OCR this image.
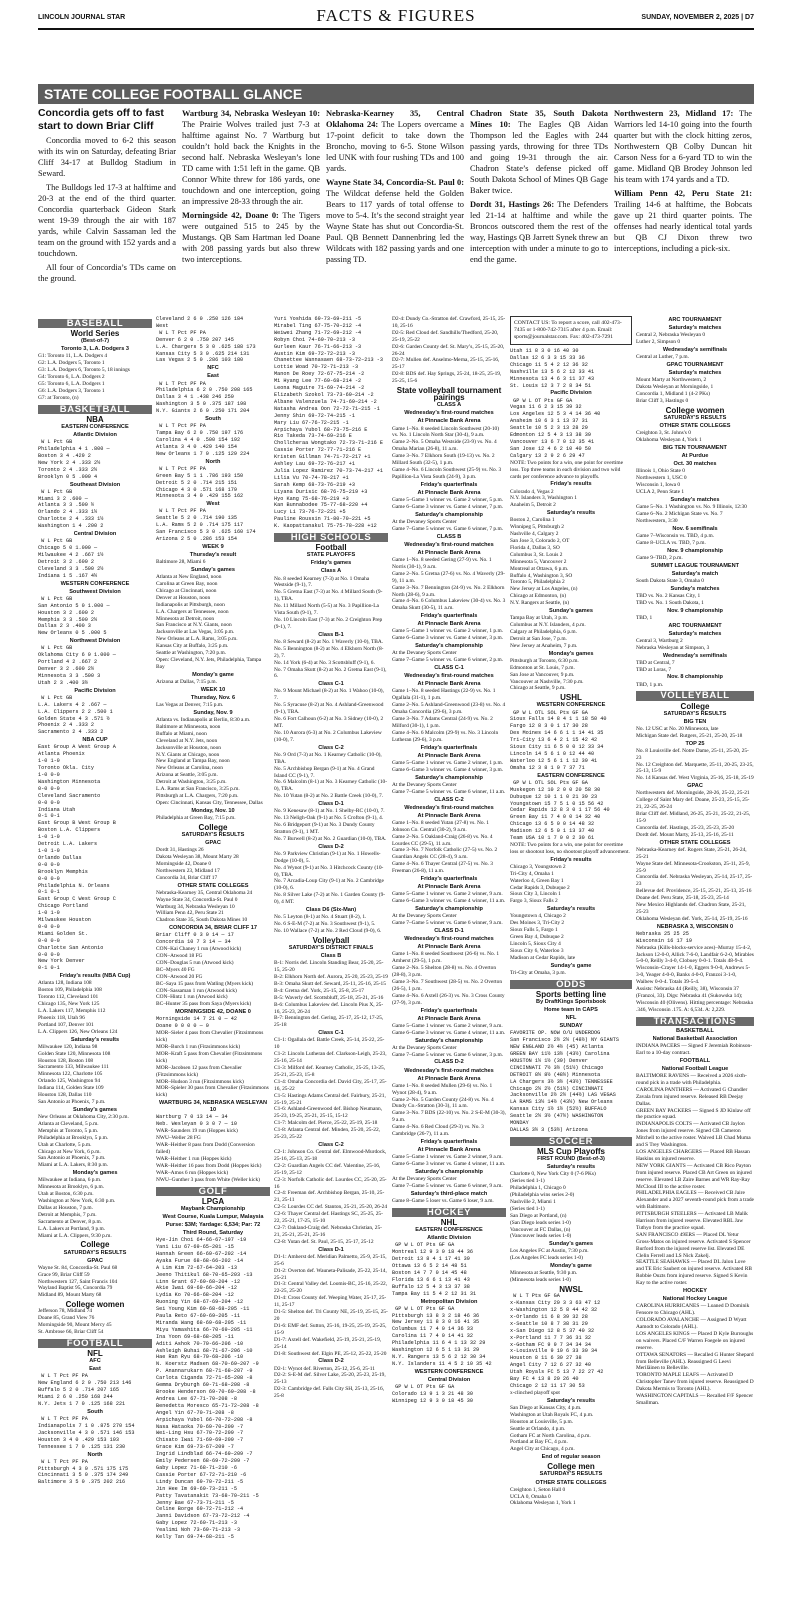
LINCOLN JOURNAL STAR	FACTS & FIGURES	SUNDAY, NOVEMBER 2, 2025 | D7
STATE COLLEGE FOOTBALL GLANCE
Concordia gets off to fast start to down Briar Cliff

Concordia moved to 6-2 this season with its win on Saturday, defeating Briar Cliff 34-17 at Bulldog Stadium in Seward.

The Bulldogs led 17-3 at halftime and 20-3 at the end of the third quarter. Concordia quarterback Gideon Stark went 19-39 through the air with 187 yards, while Calvin Sassaman led the team on the ground with 152 yards and a touchdown.

All four of Concordia’s TDs came on the ground.

Wartburg 34, Nebraska Wesleyan 10: The Prairie Wolves trailed just 7-3 at halftime against No. 7 Wartburg but couldn’t hold back the Knights in the second half. Nebraska Wesleyan’s lone TD came with 1:51 left in the game. QB Connor White threw for 186 yards, one touchdown and one interception, going an impressive 28-33 through the air.

Morningside 42, Doane 0: The Tigers were outgained 515 to 245 by the Mustangs. QB Sam Hartman led Doane with 208 passing yards but also threw two interceptions.

Nebraska-Kearney 35, Central Oklahoma 24: The Lopers overcame a 17-point deficit to take down the Broncho, moving to 6-5. Stone Wilson led UNK with four rushing TDs and 100 yards.

Wayne State 34, Concordia-St. Paul 0: The Wildcat defense held the Golden Bears to 117 yards of total offense to move to 5-4. It’s the second straight year Wayne State has shut out Concordia-St. Paul. QB Bennett Dannenbring led the Wildcats with 182 passing yards and one passing TD.

Chadron State 35, South Dakota Mines 10: The Eagles QB Aidan Thompson led the Eagles with 244 passing yards, throwing for three TDs and going 19-31 through the air. Chadron State’s defense picked off South Dakota School of Mines QB Gage Baker twice.

Dordt 31, Hastings 26: The Defenders led 21-14 at halftime and while the Broncos outscored them the rest of the way, Hastings QB Jarrett Synek threw an interception with under a minute to go to end the game.

Northwestern 23, Midland 17: The Warriors led 14-10 going into the fourth quarter but with the clock hitting zeros, Northwestern QB Colby Duncan hit Carson Ness for a 6-yard TD to win the game. Midland QB Brodey Johnson led his team with 174 yards and a TD.

William Penn 42, Peru State 21: Trailing 14-6 at halftime, the Bobcats gave up 21 third quarter points. The offenses had nearly identical total yards but QB CJ Dixon threw two interceptions, including a pick-six.

BASEBALL
World Series
(Best-of-7)
Toronto 3, L.A. Dodgers 3
G1: Toronto 11, L.A. Dodgers 4
G2: L.A. Dodgers 5, Toronto 1
G3: L.A. Dodgers 6, Toronto 5, 18 innings
G4: Toronto 6, L.A. Dodgers 2
G5: Toronto 6, L.A. Dodgers 1
G6: L.A. Dodgers 3, Toronto 1
G7: at Toronto, (n)
BASKETBALL
NBA
EASTERN CONFERENCE
Atlantic Division
W L Pct GB
Philadelphia 4 1 .800 —
Boston 3 4 .429 2
New York 2 4 .333 2½
Toronto 2 4 .333 2½
Brooklyn 0 5 .000 4
Southeast Division
W L Pct GB
Miami 3 2 .600 —
Atlanta 3 3 .500 ½
Orlando 2 4 .333 1½
Charlotte 2 4 .333 1½
Washington 1 4 .200 2
Central Division
W L Pct GB
Chicago 5 0 1.000 —
Milwaukee 4 2 .667 1½
Detroit 3 2 .600 2
Cleveland 3 3 .500 2½
Indiana 1 5 .167 4½
WESTERN CONFERENCE
Southwest Division
W L Pct GB
San Antonio 5 0 1.000 —
Houston 3 2 .600 2
Memphis 3 3 .500 2½
Dallas 2 3 .400 3
New Orleans 0 5 .000 5
Northwest Division
W L Pct GB
Oklahoma City 6 0 1.000 —
Portland 4 2 .667 2
Denver 3 2 .600 2½
Minnesota 3 3 .500 3
Utah 2 3 .400 3½
Pacific Division
W L Pct GB
L.A. Lakers 4 2 .667 —
L.A. Clippers 2 2 .500 1
Golden State 4 3 .571 ½
Phoenix 2 4 .333 2
Sacramento 2 4 .333 2
NBA CUP
East Group A West Group A
Atlanta Phoenix
1-0 1-0
Toronto Okla. City
1-0 0-0
Washington Minnesota
0-0 0-0
Cleveland Sacramento
0-0 0-0
Indiana Utah
0-1 0-1
East Group B West Group B
Boston L.A. Clippers
1-0 1-0
Detroit L.A. Lakers
1-0 1-0
Orlando Dallas
0-0 0-0
Brooklyn Memphis
0-0 0-0
Philadelphia N. Orleans
0-1 0-1
East Group C West Group C
Chicago Portland
1-0 1-0
Milwaukee Houston
0-0 0-0
Miami Golden St.
0-0 0-0
Charlotte San Antonio
0-0 0-0
New York Denver
0-1 0-1
Friday’s results (NBA Cup)
Atlanta 128, Indiana 108
Boston 109, Philadelphia 108
Toronto 112, Cleveland 101
Chicago 135, New York 125
L.A. Lakers 117, Memphis 112
Phoenix 118, Utah 96
Portland 107, Denver 101
L.A. Clippers 126, New Orleans 124
Saturday’s results
Milwaukee 120, Indiana 98
Golden State 120, Minnesota 108
Houston 128, Boston 108
Sacramento 133, Milwaukee 111
Minnesota 122, Charlotte 105
Orlando 125, Washington 94
Indiana 114, Golden State 109
Houston 128, Dallas 110
San Antonio at Phoenix, 7 p.m.
Sunday’s games
New Orleans at Oklahoma City, 2:30 p.m.
Atlanta at Cleveland, 5 p.m.
Memphis at Toronto, 5 p.m.
Philadelphia at Brooklyn, 5 p.m.
Utah at Charlotte, 5 p.m.
Chicago at New York, 6 p.m.
San Antonio at Phoenix, 7 p.m.
Miami at L.A. Lakers, 8:30 p.m.
Monday’s games
Milwaukee at Indiana, 6 p.m.
Minnesota at Brooklyn, 6 p.m.
Utah at Boston, 6:30 p.m.
Washington at New York, 6:30 p.m.
Dallas at Houston, 7 p.m.
Detroit at Memphis, 7 p.m.
Sacramento at Denver, 8 p.m.
L.A. Lakers at Portland, 9 p.m.
Miami at L.A. Clippers, 9:30 p.m.
College
SATURDAY’S RESULTS
GPAC
Wayne St. 84, Concordia-St. Paul 68
Grace 99, Briar Cliff 59
Northwestern 127, Saint Francis 104
Wayland Baptist 95, Concordia 79
Midland 89, Mount Marty 68
College women
Jefferson 78, Midland 74
Doane 85, Grand View 76
Morningside 90, Mount Mercy 45
St. Ambrose 66, Briar Cliff 54
FOOTBALL
NFL
AFC
East
W L T Pct PF PA
New England 6 2 0 .750 213 146
Buffalo 5 2 0 .714 207 165
Miami 2 6 0 .250 168 244
N.Y. Jets 1 7 0 .125 168 221
South
W L T Pct PF PA
Indianapolis 7 1 0 .875 270 154
Jacksonville 4 3 0 .571 146 153
Houston 3 4 0 .429 153 103
Tennessee 1 7 0 .125 131 230
North
W L T Pct PF PA
Pittsburgh 4 3 0 .571 175 175
Cincinnati 3 5 0 .375 174 249
Baltimore 3 5 0 .375 202 216
Cleveland 2 6 0 .250 126 184
West
W L T Pct PF PA
Denver 6 2 0 .750 207 145
L.A. Chargers 5 3 0 .625 188 173
Kansas City 5 3 0 .625 214 131
Las Vegas 2 5 0 .286 103 180
NFC
East
W L T Pct PF PA
Philadelphia 6 2 0 .750 208 165
Dallas 3 4 1 .438 246 250
Washington 3 5 0 .375 187 198
N.Y. Giants 2 6 0 .250 171 204
South
W L T Pct PF PA
Tampa Bay 6 2 0 .750 197 176
Carolina 4 4 0 .500 154 192
Atlanta 3 4 0 .429 140 154
New Orleans 1 7 0 .125 129 224
North
W L T Pct PF PA
Green Bay 5 1 1 .786 193 150
Detroit 5 2 0 .714 215 151
Chicago 4 3 0 .571 168 179
Minnesota 3 4 0 .429 155 162
West
W L T Pct PF PA
Seattle 5 2 0 .714 190 135
L.A. Rams 5 2 0 .714 175 117
San Francisco 5 3 0 .625 160 174
Arizona 2 5 0 .286 153 154
WEEK 9
Thursday’s result
Baltimore 28, Miami 6
Sunday’s games
Atlanta at New England, noon
Carolina at Green Bay, noon
Chicago at Cincinnati, noon
Denver at Houston, noon
Indianapolis at Pittsburgh, noon
L.A. Chargers at Tennessee, noon
Minnesota at Detroit, noon
San Francisco at N.Y. Giants, noon
Jacksonville at Las Vegas, 3:05 p.m.
New Orleans at L.A. Rams, 3:05 p.m.
Kansas City at Buffalo, 3:25 p.m.
Seattle at Washington, 7:20 p.m.
Open: Cleveland, N.Y. Jets, Philadelphia, Tampa Bay
Monday’s game
Arizona at Dallas, 7:15 p.m.
WEEK 10
Thursday, Nov. 6
Las Vegas at Denver, 7:15 p.m.
Sunday, Nov. 9
Atlanta vs. Indianapolis at Berlin, 8:30 a.m.
Baltimore at Minnesota, noon
Buffalo at Miami, noon
Cleveland at N.Y. Jets, noon
Jacksonville at Houston, noon
N.Y. Giants at Chicago, noon
New England at Tampa Bay, noon
New Orleans at Carolina, noon
Arizona at Seattle, 3:05 p.m.
Detroit at Washington, 3:25 p.m.
L.A. Rams at San Francisco, 3:25 p.m.
Pittsburgh at L.A. Chargers, 7:20 p.m.
Open: Cincinnati, Kansas City, Tennessee, Dallas
Monday, Nov. 10
Philadelphia at Green Bay, 7:15 p.m.
College
SATURDAY’S RESULTS
GPAC
Dordt 31, Hastings 26
Dakota Wesleyan 38, Mount Marty 28
Morningside 42, Doane 0
Northwestern 23, Midland 17
Concordia 34, Briar Cliff 17
OTHER STATE COLLEGES
Nebraska-Kearney 35, Central Oklahoma 24
Wayne State 34, Concordia-St. Paul 0
Wartburg 34, Nebraska Wesleyan 10
William Penn 42, Peru State 21
Chadron State 35, South Dakota Mines 10
CONCORDIA 34, BRIAR CLIFF 17
Briar Cliff 0 3 0 14 — 17
Concordia 10 7 3 14 — 34
CON–Kai Chaney 1 run (Atwood kick)
CON–Atwood 18 FG
CON–Douglas 5 run (Atwood kick)
BC–Myers 40 FG
CON–Atwood 20 FG
BC–Saya 15 pass from Watling (Myers kick)
CON–Sassaman 1 run (Atwood kick)
CON–Hintz 1 run (Atwood kick)
BC–Hunter 35 pass from Saya (Myers kick)
MORNINGSIDE 42, DOANE 0
Morningside 14 7 21 0 — 42
Doane 0 0 0 0 — 0
MOR–Sieler 4 pass from Chevalier (Fitzsimmons kick)
MOR–Burch 1 run (Fitzsimmons kick)
MOR–Kraft 5 pass from Chevalier (Fitzsimmons kick)
MOR–Jacobsen 12 pass from Chevalier (Fitzsimmons kick)
MOR–Hudson 3 run (Fitzsimmons kick)
MOR–Spieler 30 pass from Chevalier (Fitzsimmons kick)
WARTBURG 34, NEBRASKA WESLEYAN 10
Wartburg 7 0 13 14 — 34
Neb. Wesleyan 0 3 0 7 — 10
WAR–Saunders 19 run (Hoppes kick)
NWU–Weller 28 FG
WAR–Heither 8 pass from Dodd (Conversion failed)
WAR–Heither 1 run (Hoppes kick)
WAR–Heither 16 pass from Dodd (Hoppes kick)
WAR–Amos 6 run (Hoppes kick)
NWU–Gunther 3 pass from White (Weller kick)
GOLF
LPGA
Maybank Championship
West Course, Kuala Lumpur, Malaysia
Purse: $3M; Yardage: 6,534; Par: 72
Third Round, Saturday
Hye-Jin Choi 64-66-67–197 -19
Yani Liu 67-69-65–201 -15
Hannah Green 66-69-67–202 -14
Ayaka Furue 68-68-66–202 -14
A Lim Kim 72-67-64–203 -13
Jeeno Thitikul 68-70-65–203 -13
Linn Grant 67-69-68–204 -12
Akie Iwai 69-69-66–204 -12
Lydia Ko 70-66-68–204 -12
Ruoning Yin 68-67-69–204 -12
Sei Young Kim 69-68-68–205 -11
Paula Reto 67-69-69–205 -11
Miranda Wang 68-69-68–205 -11
Miyu Yamashita 66-70-69–205 -11
Ina Yoon 69-68-68–205 -11
Aditi Ashok 70-70-66–206 -10
Ashleigh Buhai 68-71-67–206 -10
Hae Ran Ryu 68-70-68–206 -10
N. Koerstz Madsen 68-70-69–207 -9
P. Anannarukarn 68-71-68–207 -9
Carlota Ciganda 72-71-65–208 -8
Gemma Dryburgh 69-71-68–208 -8
Brooke Henderson 69-70-69–208 -8
Andrea Lee 67-71-70–208 -8
Benedetta Moresco 65-71-72–208 -8
Angel Yin 67-70-71–208 -8
Arpichaya Yubol 66-70-72–208 -8
Nasa Hataoka 70-69-70–209 -7
Wei-Ling Hsu 67-70-72–209 -7
Chisato Iwai 71-69-69–209 -7
Grace Kim 69-73-67–209 -7
Ingrid Lindblad 66-74-69–209 -7
Emily Pedersen 68-69-72–209 -7
Gaby Lopez 71-68-71–210 -6
Cassie Porter 67-72-71–210 -6
Lindy Duncan 69-70-72–211 -5
Jin Hee Im 69-69-73–211 -5
Patty Tavatanakit 73-68-70–211 -5
Jenny Bae 67-73-71–211 -5
Celine Borge 69-72-71–212 -4
Janni Davidson 67-73-72–212 -4
Gaby Lopez 72-60-71–213 -3
Yealimi Noh 73-69-71–213 -3
Kelly Tan 69-74-68–211 -5
Yuri Yoshida 69-73-69–211 -5
Mirabel Ting 67-75-70–212 -4
Weiwei Zhang 71-72-69–212 -4
Robyn Choi 74-69-70–213 -3
Gurleen Kaur 76-71-66–213 -3
Austin Kim 69-72-72–213 -3
Chanettee Wannasaen 68-73-72–213 -3
Lottie Woad 70-72-71–213 -3
Manon De Roey 72-67-75–214 -2
Mi Hyang Lee 77-69-68–214 -2
Leona Maguire 71-69-74–214 -2
Elizabeth Szokol 73-73-69–214 -2
Albane Valenzuela 74-71-69–214 -2
Natasha Andrea Oon 72-72-71–215 -1
Jenny Shin 69-72-74–215 -1
Mary Liu 67-76-72–215 -1
Arpichaya Yubol 68-73-75–216 E
Rio Takeda 73-74-69–216 E
Chollcheraa Wongtako 72-73-71–216 E
Cassie Porter 72-77-71–216 E
Kristen Gillman 74-71-72–217 +1
Ashley Lau 69-72-76–217 +1
Julia Lopez Ramirez 70-73-74–217 +1
Lilia Vu 70-74-78–217 +1
Sarah Kemp 68-73-76–219 +3
Liyana Durisic 68-76-75–219 +3
Hyo Kang 75-68-76–219 +3
Kan Bunnabodee 75-77-68–220 +4
Lucy Li 73-76-72–221 +5
Pauline Roussin 71-80-70–221 +5
K. Kaopattanakul 75-75-78–228 +12
HIGH SCHOOLS
Football
STATE PLAYOFFS
Friday’s games
Class A
No. 8 seeded Kearney (7-3) at No. 1 Omaha Westside (9-1), 7.
No. 5 Gretna East (7-3) at No. 4 Millard South (9-1), TBA.
No. 11 Millard North (5-5) at No. 3 Papillion-La Vista South (9-1), 7.
No. 10 Lincoln East (7-3) at No. 2 Creighton Prep (9-1), 7.
Class B-1
No. 8 Seward (8-2) at No. 1 Waverly (10-0), TBA.
No. 5 Bennington (8-2) at No. 4 Elkhorn North (8-2), 7.
No. 14 York (6-4) at No. 3 Scottsbluff (9-1), 6.
No. 7 Omaha Skutt (8-2) at No. 2 Gretna East (9-1), 6.
Class C-1
No. 9 Mount Michael (8-2) at No. 1 Wahoo (10-0), 7.
No. 5 Syracuse (8-2) at No. 4 Ashland-Greenwood (9-1), TBA.
No. 6 Fort Calhoun (6-2) at No. 3 Sidney (10-0), 2 MT.
No. 10 Aurora (6-3) at No. 2 Columbus Lakeview (10-0), 7.
Class C-2
No. 9 Ord (7-3) at No. 1 Kearney Catholic (10-0), TBA.
No. 5 Archbishop Bergan (9-1) at No. 4 Grand Island CC (9-1), 7.
No. 6 Malcolm (8-1) at No. 3 Kearney Catholic (10-0), TBA.
No. 10 Yutan (8-2) at No. 2 Battle Creek (10-0), 7.
Class D-1
No. 9 Kenesaw (8-1) at No. 1 Shelby-RC (10-0), 7.
No. 13 Neligh-Oak (9-1) at No. 5 Crofton (9-1), 4.
No. 6 Bridgeport (9-1) at No. 3 Dundy County Stratton (9-1), 1 MT.
No. 7 Burwell (8-2) at No. 2 Guardian (10-0), TBA.
Class D-2
No. 9 Parkview Christian (9-1) at No. 1 Howells-Dodge (10-0), 5.
No. 4 Wynot (9-1) at No. 3 Hitchcock County (10-0), TBA.
No. 7 Arcadia-Loup City (9-1) at No. 2 Cambridge (10-0), 6.
No. 8 Silver Lake (7-2) at No. 1 Garden County (9-0), 4 MT.
Class D6 (Six-Man)
No. 5 Leyton (8-1) at No. 4 Stuart (8-2), 1.
No. 6 S-E-M (7-2) at No. 3 Southwest (9-1), 5.
No. 10 Wallace (7-2) at No. 2 Red Cloud (9-0), 6.
Volleyball
SATURDAY’S DISTRICT FINALS
Class B
B-1: Norris def. Lincoln Standing Bear, 25-20, 25-15, 25-20
B-2: Elkhorn North def. Aurora, 25-20, 25-23, 25-19
B-3: Omaha Skutt def. Seward, 25-11, 25-16, 25-15
B-4: Gretna def. York, 25-15, 25-8, 25-17
B-5: Waverly def. Scottsbluff, 25-18, 25-21, 25-16
B-6: Columbus Lakeview def. Lincoln Pius X, 25-16, 25-23, 26-24
B-7: Bennington def. Gering, 25-17, 25-12, 17-25, 25-18
Class C-1
C1-1: Ogallala def. Battle Creek, 25-14, 25-22, 25-10
C1-2: Lincoln Lutheran def. Clarkson-Leigh, 25-23, 25-16, 25-14
C1-3: Milford def. Kearney Catholic, 25-25, 13-25, 25-21, 25-23, 15-8
C1-4: Omaha Concordia def. David City, 25-17, 25-16, 25-22
C1-5: Hastings Adams Central def. Fairbury, 25-21, 25-19, 25-21
C1-6: Ashland-Greenwood def. Bishop Neumann, 25-23, 19-25, 25-21, 25-15, 15-12
C1-7: Malcolm def. Pierce, 25-22, 25-19, 25-18
C1-8: Atlanta Central def. Minden, 25-20, 25-22, 25-23, 25-22
Class C-2
C2-1: Johnson Co. Central def. Elmwood-Murdock, 25-16, 25-13, 25-18
C2-2: Guardian Angels CC def. Valentine, 25-16, 25-19, 25-12
C2-3: Norfolk Catholic def. Lourdes CC, 25-20, 25-16
C2-4: Freeman def. Archbishop Bergan, 25-10, 25-21, 25-11
C2-5: Lourdes CC def. Stanton, 25-21, 25-20, 26-24
C2-6: Thayer Central def. Hastings SC, 25-25, 25-22, 25-21, 17-25, 15-10
C2-7: Oakland-Craig def. Nebraska Christian, 25-21, 25-21, 25-21, 25-16
C2-8: Yutan def. St. Paul, 25-15, 25-17, 25-12
Class D-1
D1-1: Amherst def. Meridian Palmetto, 25-9, 25-15, 25-6
D1-2: Overton def. Wauneta-Palisade, 25-22, 25-14, 25-21
D1-3: Central Valley def. Loomis-BC, 25-16, 25-22, 22-25, 25-20
D1-4: Cross County def. Weeping Water, 25-17, 25-11, 25-17
D1-5: Shelton def. Tri County NE, 25-19, 25-15, 25-20
D1-6: EMF def. Sutton, 25-16, 19-25, 25-19, 25-25, 15-9
D1-7: Axtell def. Wakefield, 25-19, 25-21, 25-19, 25-14
D1-8: Southwest def. Elgin PE, 25-12, 25-22, 25-20
Class D-2
D2-1: Wynot def. Riverton, 25-12, 25-6, 25-11
D2-2: S-E-M def. Silver Lake, 25-20, 25-23, 25-19, 25-13
D2-3: Cambridge def. Falls City SH, 25-13, 25-16, 25-8
D2-4: Dundy Co.-Stratton def. Crawford, 25-15, 25-10, 25-16
D2-5: Red Cloud def. Sandhills/Thedford, 25-20, 25-19, 25-22
D2-6: Garden County def. St. Mary’s, 25-15, 25-20, 26-24
D2-7: Mullen def. Anselmo-Merna, 25-15, 25-16, 25-17
D2-8: BDS def. Hay Springs, 25-24, 18-25, 25-19, 25-25, 15-6
State volleyball tournament pairings
CLASS A
Wednesday’s first-round matches
At Pinnacle Bank Arena
Game 1–No. 8 seeded Lincoln Southwest (20-10) vs. No. 1 Lincoln North Star (30-4), 9 a.m.
Game 2–No. 5 Omaha Westside (23-9) vs. No. 4 Omaha Marian (26-8), 11 a.m.
Game 3–No. 7 Elkhorn South (19-13) vs. No. 2 Millard South (32-5), 1 p.m.
Game 4–No. 6 Lincoln Southwest (25-9) vs. No. 3 Papillion-La Vista South (24-9), 3 p.m.
Friday’s quarterfinals
At Pinnacle Bank Arena
Game 5–Game 1 winner vs. Game 2 winner, 5 p.m.
Game 6–Game 3 winner vs. Game 4 winner, 7 p.m.
Saturday’s championship
At the Devaney Sports Center
Game 7–Game 5 winner vs. Game 6 winner, 7 p.m.
CLASS B
Wednesday’s first-round matches
At Pinnacle Bank Arena
Game 1–No. 8 seeded Gering (27-9) vs. No. 1 Norris (30-1), 9 a.m.
Game 2–No. 5 Gretna (27-6) vs. No. 4 Waverly (29-9), 11 a.m.
Game 3–No. 7 Bennington (24-9) vs. No. 2 Elkhorn North (28-6), 9 a.m.
Game 4–No. 6 Columbus Lakeview (30-4) vs. No. 3 Omaha Skutt (30-5), 11 a.m.
Friday’s quarterfinals
At Pinnacle Bank Arena
Game 5–Game 1 winner vs. Game 2 winner, 1 p.m.
Game 6–Game 3 winner vs. Game 4 winner, 3 p.m.
Saturday’s championship
At the Devaney Sports Center
Game 7–Game 5 winner vs. Game 6 winner, 2 p.m.
CLASS C-1
Wednesday’s first-round matches
At Pinnacle Bank Arena
Game 1–No. 8 seeded Hastings (22-9) vs. No. 1 Ogallala (31-1), 1 p.m.
Game 2–No. 5 Ashland-Greenwood (23-8) vs. No. 4 Omaha Concordia (29-6), 3 p.m.
Game 3–No. 7 Adams Central (24-9) vs. No. 2 Milford (30-1), 1 p.m.
Game 4–No. 6 Malcolm (29-9) vs. No. 3 Lincoln Lutheran (29-6), 3 p.m.
Friday’s quarterfinals
At Pinnacle Bank Arena
Game 5–Game 1 winner vs. Game 2 winner, 1 p.m.
Game 6–Game 3 winner vs. Game 4 winner, 3 p.m.
Saturday’s championship
At the Devaney Sports Center
Game 7–Game 5 winner vs. Game 6 winner, 11 a.m.
CLASS C-2
Wednesday’s first-round matches
At Pinnacle Bank Arena
Game 1–No. 8 seeded Yutan (27-8) vs. No. 1 Johnson Co. Central (30-2), 9 a.m.
Game 2–No. 5 Oakland-Craig (26-8) vs. No. 4 Lourdes CC (29-5), 11 a.m.
Game 3–No. 7 Norfolk Catholic (27-5) vs. No. 2 Guardian Angels CC (28-4), 9 a.m.
Game 4–No. 6 Thayer Central (27-5) vs. No. 3 Freeman (26-8), 11 a.m.
Friday’s quarterfinals
At Pinnacle Bank Arena
Game 5–Game 1 winner vs. Game 2 winner, 9 a.m.
Game 6–Game 3 winner vs. Game 4 winner, 11 a.m.
Saturday’s championship
At the Devaney Sports Center
Game 7–Game 5 winner vs. Game 6 winner, 9 a.m.
CLASS D-1
Wednesday’s first-round matches
At Pinnacle Bank Arena
Game 1–No. 8 seeded Southwest (26-6) vs. No. 1 Amherst (29-5), 1 p.m.
Game 2–No. 5 Shelton (28-8) vs. No. 4 Overton (28-8), 3 p.m.
Game 3–No. 7 Southwest (28-5) vs. No. 2 Overton (26-5), 1 p.m.
Game 4–No. 6 Axtell (26-3) vs. No. 3 Cross County (27-9), 3 p.m.
Friday’s quarterfinals
At Pinnacle Bank Arena
Game 5–Game 1 winner vs. Game 2 winner, 9 a.m.
Game 6–Game 3 winner vs. Game 4 winner, 11 a.m.
Saturday’s championship
At the Devaney Sports Center
Game 7–Game 5 winner vs. Game 6 winner, 3 p.m.
CLASS D-2
Wednesday’s first-round matches
At Pinnacle Bank Arena
Game 1–No. 8 seeded Mullen (29-6) vs. No. 1 Wynot (28-4), 9 a.m.
Game 2–No. 5 Garden County (24-8) vs. No. 4 Dundy Co.-Stratton (30-3), 11 a.m.
Game 3–No. 7 BDS (22-10) vs. No. 2 S-E-M (30-3), 9 a.m.
Game 4–No. 6 Red Cloud (29-3) vs. No. 3 Cambridge (26-7), 11 a.m.
Friday’s quarterfinals
At Pinnacle Bank Arena
Game 5–Game 1 winner vs. Game 2 winner, 9 a.m.
Game 6–Game 3 winner vs. Game 4 winner, 11 a.m.
Saturday’s championship
At the Devaney Sports Center
Game 7–Game 5 winner vs. Game 6 winner, 9 a.m.
Saturday’s third-place match
Game 8–Game 5 loser vs. Game 6 loser, 9 a.m.
HOCKEY
NHL
EASTERN CONFERENCE
Atlantic Division
GP W L OT Pts GF GA
Montreal 12 9 3 0 18 44 36
Detroit 13 8 4 1 17 41 39
Ottawa 13 6 5 2 14 48 51
Boston 14 7 7 0 14 45 48
Florida 13 6 6 1 13 41 43
Buffalo 12 5 4 3 13 37 38
Tampa Bay 11 5 4 2 12 31 31
Metropolitan Division
GP W L OT Pts GF GA
Pittsburgh 13 8 3 2 18 46 36
New Jersey 11 8 3 0 16 41 35
Columbus 11 7 4 0 14 36 33
Carolina 11 7 4 0 14 41 32
Philadelphia 11 6 4 1 13 32 29
Washington 12 6 5 1 13 31 29
N.Y. Rangers 13 5 6 2 12 30 34
N.Y. Islanders 11 4 5 2 10 35 42
WESTERN CONFERENCE
Central Division
GP W L OT Pts GF GA
Colorado 13 9 1 3 21 48 30
Winnipeg 12 9 3 0 18 45 30
CONTACT US: To report a score, call 402-473-7435 or 1-800-742-7315 after 4 p.m. Email: sports@journalstar.com. Fax: 402-473-7291
Utah 11 8 3 0 16 40 30
Dallas 12 6 3 3 15 33 36
Chicago 11 5 4 2 12 36 32
Nashville 13 5 6 2 12 33 41
Minnesota 13 4 6 3 11 37 43
St. Louis 12 3 7 2 8 34 51
Pacific Division
GP W L OT Pts GF GA
Vegas 11 6 2 3 15 39 32
Los Angeles 12 5 3 4 14 36 40
Anaheim 10 6 3 1 13 37 31
Seattle 10 5 2 3 13 28 29
Edmonton 12 5 4 3 13 38 39
Vancouver 13 6 7 0 12 35 41
San Jose 12 4 6 2 10 40 50
Calgary 13 2 9 2 6 29 47
NOTE: Two points for a win, one point for overtime loss. Top three teams in each division and two wild cards per conference advance to playoffs.
Friday’s results
Colorado 4, Vegas 2
N.Y. Islanders 3, Washington 1
Anaheim 5, Detroit 2
Saturday’s results
Boston 2, Carolina 1
Winnipeg 5, Pittsburgh 2
Nashville 4, Calgary 2
San Jose 3, Colorado 2, OT
Florida 4, Dallas 3, SO
Columbus 3, St. Louis 2
Minnesota 5, Vancouver 2
Montreal at Ottawa, 6 p.m.
Buffalo 4, Washington 3, SO
Toronto 5, Philadelphia 2
New Jersey at Los Angeles, (n)
Chicago at Edmonton, (n)
N.Y. Rangers at Seattle, (n)
Sunday’s games
Tampa Bay at Utah, 3 p.m.
Columbus at N.Y. Islanders, 4 p.m.
Calgary at Philadelphia, 6 p.m.
Detroit at San Jose, 7 p.m.
New Jersey at Anaheim, 7 p.m.
Monday’s games
Pittsburgh at Toronto, 6:30 p.m.
Edmonton at St. Louis, 7 p.m.
San Jose at Vancouver, 9 p.m.
Vancouver at Nashville, 7:30 p.m.
Chicago at Seattle, 9 p.m.
USHL
WESTERN CONFERENCE
GP W L OTL SOL Pts GF GA
Sioux Falls 14 8 4 1 1 18 50 40
Fargo 12 8 3 0 1 17 30 28
Des Moines 14 6 6 1 1 14 41 35
Tri-City 13 6 4 2 1 15 42 42
Sioux City 11 6 5 0 0 12 33 34
Lincoln 14 5 6 1 0 12 44 40
Waterloo 12 5 6 1 1 12 39 41
Omaha 12 3 8 1 0 7 37 71
EASTERN CONFERENCE
GP W L OTL SOL Pts GF GA
Muskegon 12 10 2 0 0 20 58 30
Dubuque 12 10 1 1 0 21 39 23
Youngstown 15 7 5 1 0 15 56 42
Cedar Rapids 12 8 3 0 1 17 56 40
Green Bay 11 7 4 0 0 14 32 40
Chicago 13 6 5 0 0 14 48 32
Madison 12 6 5 0 1 13 37 40
Team USA 10 1 7 0 0 2 30 61
NOTE: Two points for a win, one point for overtime loss or shootout loss, no shootout playoff advancement.
Friday’s results
Chicago 3, Youngstown 2
Tri-City 4, Omaha 1
Waterloo 4, Green Bay 1
Cedar Rapids 3, Dubuque 2
Sioux City 3, Lincoln 1
Fargo 3, Sioux Falls 2
Saturday’s results
Youngstown 4, Chicago 2
Des Moines 3, Tri-City 2
Sioux Falls 5, Fargo 1
Green Bay 4, Dubuque 2
Lincoln 5, Sioux City 4
Sioux City 6, Waterloo 3
Madison at Cedar Rapids, late
Sunday’s game
Tri-City at Omaha, 3 p.m.
ODDS
Sports betting line
By DraftKings Sportsbook
Home team in CAPS
NFL
SUNDAY
FAVORITE OP. NOW O/U UNDERDOG
San Francisco 2½ 2½ (48½) NY GIANTS
NEW ENGLAND 2½ 4½ (45) Atlanta
GREEN BAY 11½ 13½ (43½) Carolina
HOUSTON 1½ 1½ (39) Denver
CINCINNATI 7½ 3½ (51½) Chicago
DETROIT 8½ 8½ (48½) Minnesota
LA Chargers 3½ 3½ (43½) TENNESSEE
Chicago 2½ 2½ (51½) CINCINNATI
Jacksonville 2½ 2½ (44½) LAS VEGAS
LA RAMS 13½ 14½ (43½) New Orleans
Kansas City 1½ 1½ (52½) BUFFALO
Seattle 2½ 3½ (47½) WASHINGTON
MONDAY
DALLAS 3½ 3 (53½) Arizona
SOCCER
MLS Cup Playoffs
FIRST ROUND (Best-of-3)
Saturday’s results
Charlotte 0, New York City 0 (7-6 PKs)
(Series tied 1-1)
Philadelphia 1, Chicago 0
(Philadelphia wins series 2-0)
Nashville 2, Miami 1
(Series tied 1-1)
San Diego at Portland, (n)
(San Diego leads series 1-0)
Vancouver at FC Dallas, (n)
(Vancouver leads series 1-0)
Sunday’s games
Los Angeles FC at Austin, 7:30 p.m.
(Los Angeles FC leads series 1-0)
Monday’s game
Minnesota at Seattle, 9:30 p.m.
(Minnesota leads series 1-0)
NWSL
W L T Pts GF GA
x-Kansas City 20 3 3 63 47 12
x-Washington 12 5 8 44 42 32
x-Orlando 11 6 8 39 32 28
x-Seattle 10 8 7 38 31 29
x-San Diego 12 8 5 37 40 32
x-Portland 11 7 7 36 31 32
x-Gotham FC 9 9 7 34 34 34
x-Louisville 9 10 6 33 30 34
Houston 8 11 6 30 27 38
Angel City 7 12 6 27 32 40
Utah Royals FC 5 13 7 22 27 42
Bay FC 4 13 8 20 26 40
Chicago 2 12 11 17 30 53
x-clinched playoff spot
Saturday’s results
San Diego at Kansas City, 4 p.m.
Washington at Utah Royals FC, 4 p.m.
Houston at Louisville, 5 p.m.
Seattle at Orlando, 4 p.m.
Gotham FC at North Carolina, 4 p.m.
Portland at Bay FC, 4 p.m.
Angel City at Chicago, 4 p.m.
End of regular season
College men
SATURDAY’S RESULTS
OTHER STATE COLLEGES
Creighton 1, Seton Hall 0
UCLA 0, Omaha 0
Oklahoma Wesleyan 1, York 1
ARC TOURNAMENT
Saturday’s matches
Central 2, Nebraska Wesleyan 0
Luther 2, Simpson 0
Wednesday’s semifinals
Central at Luther, 7 p.m.
GPAC TOURNAMENT
Saturday’s matches
Mount Marty at Northwestern, 2
Dakota Wesleyan at Morningside, 1
Concordia 1, Midland 1 (4-2 PKs)
Briar Cliff 3, Hastings 0
College women
SATURDAY’S RESULTS
OTHER STATE COLLEGES
Creighton 3, St. Johns's 0
Oklahoma Wesleyan 4, York 1
BIG TEN TOURNAMENT
At Purdue
Oct. 30 matches
Illinois 1, Ohio State 0
Northwestern 1, USC 0
Wisconsin 1, Iowa 0
UCLA 2, Penn State 1
Sunday’s matches
Game 5–No. 1 Washington vs. No. 9 Illinois, 12:30
Game 6–No. 2 Michigan State vs. No. 7 Northwestern, 3:30
Nov. 6 semifinals
Game 7–Wisconsin vs. TBD, 4 p.m.
Game 8–UCLA vs. TBD, 7 p.m.
Nov. 9 championship
Game 9–TBD, 2 p.m.
SUMMIT LEAGUE TOURNAMENT
Saturday’s match
South Dakota State 3, Omaha 0
Sunday’s matches
TBD vs. No. 2 Kansas City, 1
TBD vs. No. 1 South Dakota, 1
Nov. 9 championship
TBD, 1
ARC TOURNAMENT
Saturday’s matches
Central 3, Wartburg 2
Nebraska Wesleyan at Simpson, 3
Wednesday’s semifinals
TBD at Central, 7
TBD at Loras, 7
Nov. 8 championship
TBD, 1 p.m.
VOLLEYBALL
College
SATURDAY’S RESULTS
BIG TEN
No. 12 USC at No. 20 Minnesota, late
Michigan State def. Rutgers, 25-21, 25-20, 25-18
TOP 25
No. 8 Louisville def. Notre Dame, 25-11, 25-20, 25-23
No. 12 Creighton def. Marquette, 25-11, 20-25, 23-25, 25-13, 15-9
No. 14 Kansas def. West Virginia, 25-16, 25-18, 25-19
GPAC
Northwestern def. Morningside, 28-26, 25-22, 25-21
College of Saint Mary def. Doane, 25-23, 25-15, 25-21, 22-25, 26-24
Briar Cliff def. Midland, 26-25, 25-21, 25-22, 21-25, 15-9
Concordia def. Hastings, 25-23, 25-23, 25-20
Dordt def. Mount Marty, 25-13, 25-16, 25-11
OTHER STATE COLLEGES
Nebraska-Kearney def. Rogers State, 25-21, 26-24, 25-21
Wayne State def. Minnesota-Crookston, 25-11, 25-9, 25-9
Concordia def. Nebraska Wesleyan, 25-14, 25-17, 25-23
Bellevue def. Providence, 25-15, 25-21, 25-13, 25-16
Doane def. Peru State, 25-18, 25-23, 25-14
New Mexico Highlands def. Chadron State, 25-21, 25-23
Oklahoma Wesleyan def. York, 25-14, 25-19, 25-16
NEBRASKA 3, WISCONSIN 0
Nebraska 25 25 25
Wisconsin 16 17 19
Nebraska (Kills-blocks-service aces)–Murray 15-4-2, Jackson 12-0-0, Allick 7-6-0, Landfair 6-2-0, Mirables 5-0-0, Reilly 3-4-0, Clobuey 0-0-1. Totals 48-9-4.
Wisconsin–Crayer 14-1-0, Eggers 9-0-0, Andrews 5-3-0, Yeager 4-0-0, Banks 4-0-0, Franzoi 3-1-0, Waibew 0-0-4. Totals 39-5-4.
Assists: Nebraska 44 (Reilly, 38), Wisconsin 37 (Franzoi, 33). Digs: Nebraska 41 (Sukowska 14); Wisconsin 40 (Olivens). Hitting percentage: Nebraska .346, Wisconsin .175. A: 6,534. A: 2,229.
TRANSACTIONS
BASKETBALL
National Basketball Association
INDIANA PACERS — Signed F Jeremiah Robinson-Earl to a 10-day contract.
FOOTBALL
National Football League
BALTIMORE RAVENS — Received a 2026 sixth-round pick in a trade with Philadelphia.
CAROLINA PANTHERS — Activated G Chandler Zavala from injured reserve. Released RB Deejay Dallas.
GREEN BAY PACKERS — Signed S JD Kinlaw off the practice squad.
INDIANAPOLIS COLTS — Activated CB Jaylon Jones from injured reserve. Signed CB Cameron Mitchell to the active roster. Waived LB Chad Muma and S Trey Washington.
LOS ANGELES CHARGERS — Placed RB Hassan Haskins on injured reserve.
NEW YORK GIANTS — Activated CB Rico Payton from injured reserve. Placed CB Art Green on injured reserve. Elevated LB Zaire Barnes and WR Ray-Ray McCloud III to the active roster.
PHILADELPHIA EAGLES — Received CB Jaire Alexander and a 2027 seventh-round pick from a trade with Baltimore.
PITTSBURGH STEELERS — Activated LB Malik Harrison from injured reserve. Elevated RBL Jaw Tuthyo from the practice squad.
SAN FRANCISCO 49ERS — Placed DL Yetur Gross-Matos on injured reserve. Activated S Spencer Burford from the injured reserve list. Elevated DE Clelin Ferrell and LS Nick Zakelj.
SEATTLE SEAHAWKS — Placed DL Jalon Love and TE Eric Saubert on injured reserve. Activated RB Robbie Ouzts from injured reserve. Signed S Kevin Kay to the active roster.
HOCKEY
National Hockey League
CAROLINA HURRICANES — Loaned D Dominik Fensore to Chicago (AHL).
COLORADO AVALANCHE — Assigned D Wyatt Aamodt to Colorado (AHL).
LOS ANGELES KINGS — Placed D Kyle Burroughs on waivers. Placed C/F Warren Foegele on injured reserve.
OTTAWA SENATORS — Recalled G Hunter Shepard from Belleville (AHL). Reassigned G Leevi Meriläinen to Belleville.
TORONTO MAPLE LEAFS — Activated D Christopher Tanev from injured reserve. Reassigned D Dakota Mermis to Toronto (AHL).
WASHINGTON CAPITALS — Recalled F/F Spencer Smallman.
